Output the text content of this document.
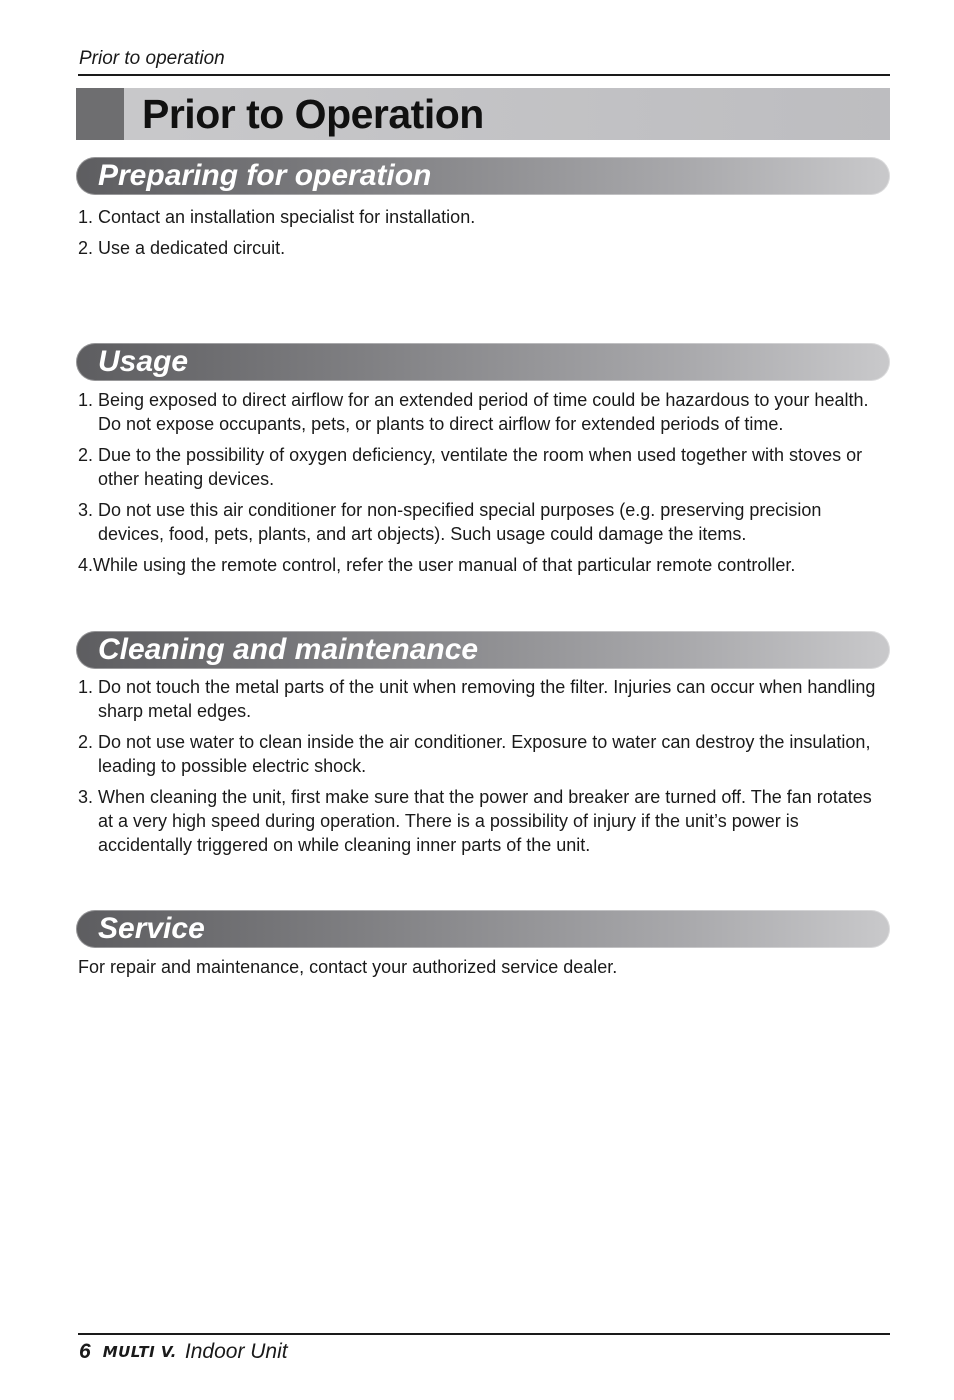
Prior to operation
Prior to Operation
Preparing for operation
1. Contact an installation specialist for installation.
2. Use a dedicated circuit.
Usage
1. Being exposed to direct airflow for an extended period of time could be hazardous to your health. Do not expose occupants, pets, or plants to direct airflow for extended periods of time.
2. Due to the possibility of oxygen deficiency, ventilate the room when used together with stoves or other heating devices.
3. Do not use this air conditioner for non-specified special purposes (e.g. preserving precision devices, food, pets, plants, and art objects). Such usage could damage the items.
4.While using the remote control, refer the user manual of that particular remote controller.
Cleaning and maintenance
1. Do not touch the metal parts of the unit when removing the filter. Injuries can occur when handling sharp metal edges.
2. Do not use water to clean inside the air conditioner. Exposure to water can destroy the insulation, leading to possible electric shock.
3. When cleaning the unit, first make sure that the power and breaker are turned off. The fan rotates at a very high speed during operation. There is a possibility of injury if the unit’s power is accidentally triggered on while cleaning inner parts of the unit.
Service
For repair and maintenance, contact your authorized service dealer.
6 MULTI V. Indoor Unit
